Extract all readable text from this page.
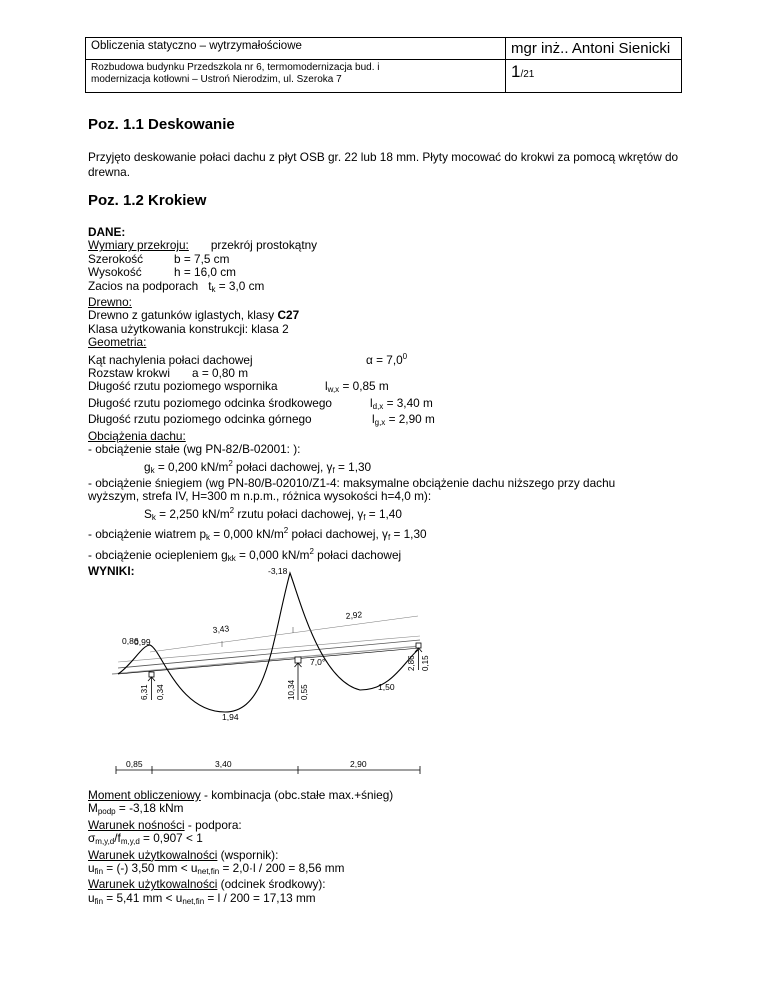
Obliczenia statyczno – wytrzymałościowe	mgr inż.. Antoni Sienicki

Rozbudowa budynku Przedszkola nr 6, termomodernizacja bud. i
modernizacja kotłowni – Ustroń Nierodzim, ul. Szeroka 7	1/21
Poz. 1.1 Deskowanie

Przyjęto deskowanie połaci dachu z płyt OSB gr. 22 lub 18 mm. Płyty mocować do krokwi za pomocą wkrętów do drewna.

Poz. 1.2 Krokiew
DANE:
Wymiary przekroju: przekrój prostokątny
Szerokość	b = 7,5 cm
Wysokość	h = 16,0 cm
Zacios na podporach $t_k = 3,0$ cm
Drewno:
Drewno z gatunków iglastych, klasy C27
Klasa użytkowania konstrukcji: klasa 2
Geometria:
Kąt nachylenia połaci dachowej	$\alpha = 7,0^0$
Rozstaw krokwi a = 0,80 m
Długość rzutu poziomego wspornika	$l_{w,x} = 0,85$ m
Długość rzutu poziomego odcinka środkowego	$l_{d,x} = 3,40$ m
Długość rzutu poziomego odcinka górnego	$l_{g,x} = 2,90$ m
Obciążenia dachu:
- obciążenie stałe (wg PN-82/B-02001: ):
$g_k = 0,200$ $kN/m^2$ połaci dachowej, $\gamma_f = 1,30$
- obciążenie śniegiem (wg PN-80/B-02010/Z1-4: maksymalne obciążenie dachu niższego przy dachu
wyższym, strefa IV, H=300 m n.p.m., różnica wysokości h=4,0 m):
$S_k = 2,250$ $kN/m^2$ rzutu połaci dachowej, $\gamma_f = 1,40$
- obciążenie wiatrem $p_k = 0,000$ $kN/m^2$ połaci dachowej, $\gamma_f = 1,30$
- obciążenie ociepleniem $g_{kk} = 0,000$ $kN/m^2$ połaci dachowej
WYNIKI:	-3,18
2,92
3,43
0,86
0,99
1,94
1,50
7,0°
6,31 0,34	10,34 0,55
2,86 0,15
0,85	3,40	2,90
Moment obliczeniowy - kombinacja (obc.stałe max.+śnieg)
$M_{podp} = -3,18$ kNm
Warunek nośności - podpora:
$\sigma_{m,y,d}/f_{m,y,d} = 0,907 < 1$
Warunek użytkowalności (wspornik):
$u_{fin}$ = (-) 3,50 mm < $u_{net,fin} = 2,0\cdot l / 200 = 8,56$ mm
Warunek użytkowalności (odcinek środkowy):
$u_{fin} = 5,41$ mm < $u_{net,fin} = l / 200 = 17,13$ mm
